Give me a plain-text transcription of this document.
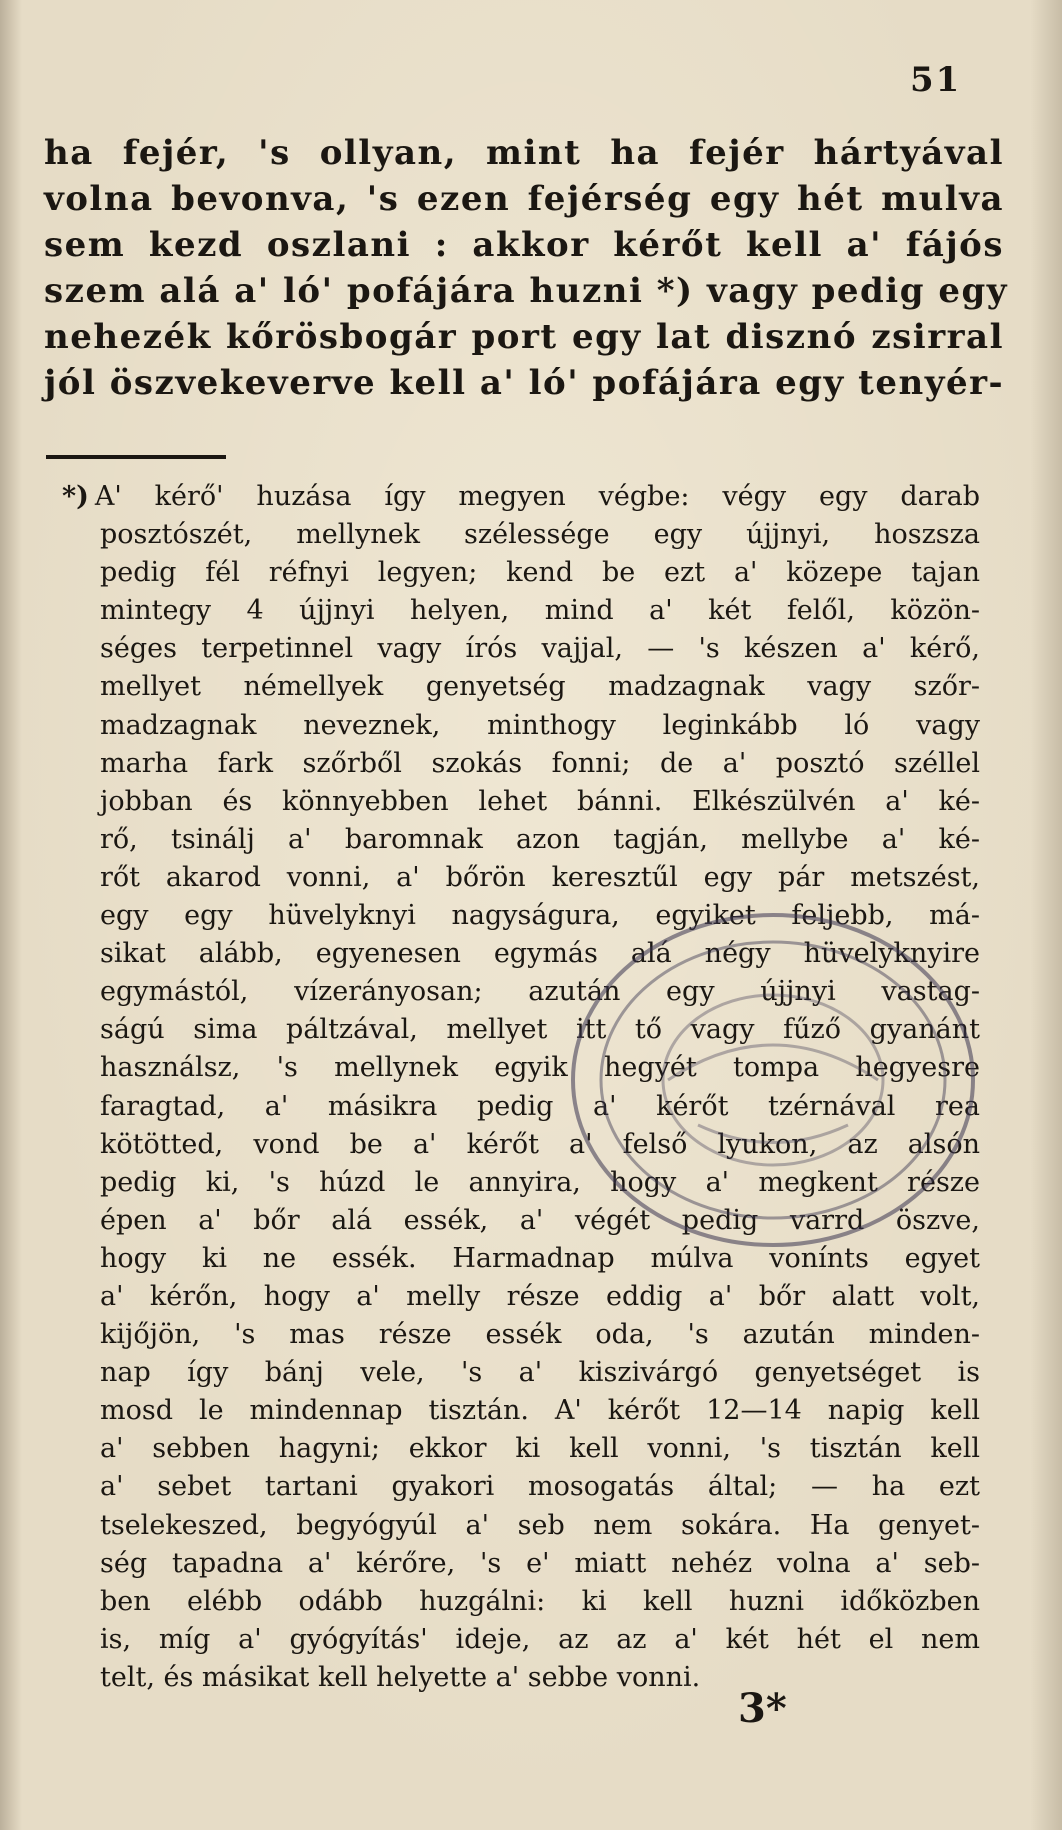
51
ha fejér, 's ollyan, mint ha fejér hártyával
volna bevonva, 's ezen fejérség egy hét mulva
sem kezd oszlani : akkor kérőt kell a' fájós
szem alá a' ló' pofájára huzni *) vagy pedig egy
nehezék kőrösbogár port egy lat disznó zsirral
jól öszvekeverve kell a' ló' pofájára egy tenyér-
*) A' kérő' huzása így megyen végbe: végy egy darab
posztószét, mellynek szélessége egy újjnyi, hoszsza
pedig fél réfnyi legyen; kend be ezt a' közepe tajan
mintegy 4 újjnyi helyen, mind a' két felől, közön-
séges terpetinnel vagy írós vajjal, — 's készen a' kérő,
mellyet némellyek genyetség madzagnak vagy szőr-
madzagnak neveznek, minthogy leginkább ló vagy
marha fark szőrből szokás fonni; de a' posztó széllel
jobban és könnyebben lehet bánni. Elkészülvén a' ké-
rő, tsinálj a' baromnak azon tagján, mellybe a' ké-
rőt akarod vonni, a' bőrön keresztűl egy pár metszést,
egy egy hüvelyknyi nagyságura, egyiket feljebb, má-
sikat alább, egyenesen egymás alá négy hüvelyknyire
egymástól, vízerányosan; azután egy újjnyi vastag-
ságú sima páltzával, mellyet itt tő vagy fűző gyanánt
használsz, 's mellynek egyik hegyét tompa hegyesre
faragtad, a' másikra pedig a' kérőt tzérnával rea
kötötted, vond be a' kérőt a' felső lyukon, az alsón
pedig ki, 's húzd le annyira, hogy a' megkent része
épen a' bőr alá essék, a' végét pedig varrd öszve,
hogy ki ne essék. Harmadnap múlva vonínts egyet
a' kérőn, hogy a' melly része eddig a' bőr alatt volt,
kijőjön, 's mas része essék oda, 's azután minden-
nap így bánj vele, 's a' kiszivárgó genyetséget is
mosd le mindennap tisztán. A' kérőt 12—14 napig kell
a' sebben hagyni; ekkor ki kell vonni, 's tisztán kell
a' sebet tartani gyakori mosogatás által; — ha ezt
tselekeszed, begyógyúl a' seb nem sokára. Ha genyet-
ség tapadna a' kérőre, 's e' miatt nehéz volna a' seb-
ben elébb odább huzgálni: ki kell huzni időközben
is, míg a' gyógyítás' ideje, az az a' két hét el nem
telt, és másikat kell helyette a' sebbe vonni.
3*
